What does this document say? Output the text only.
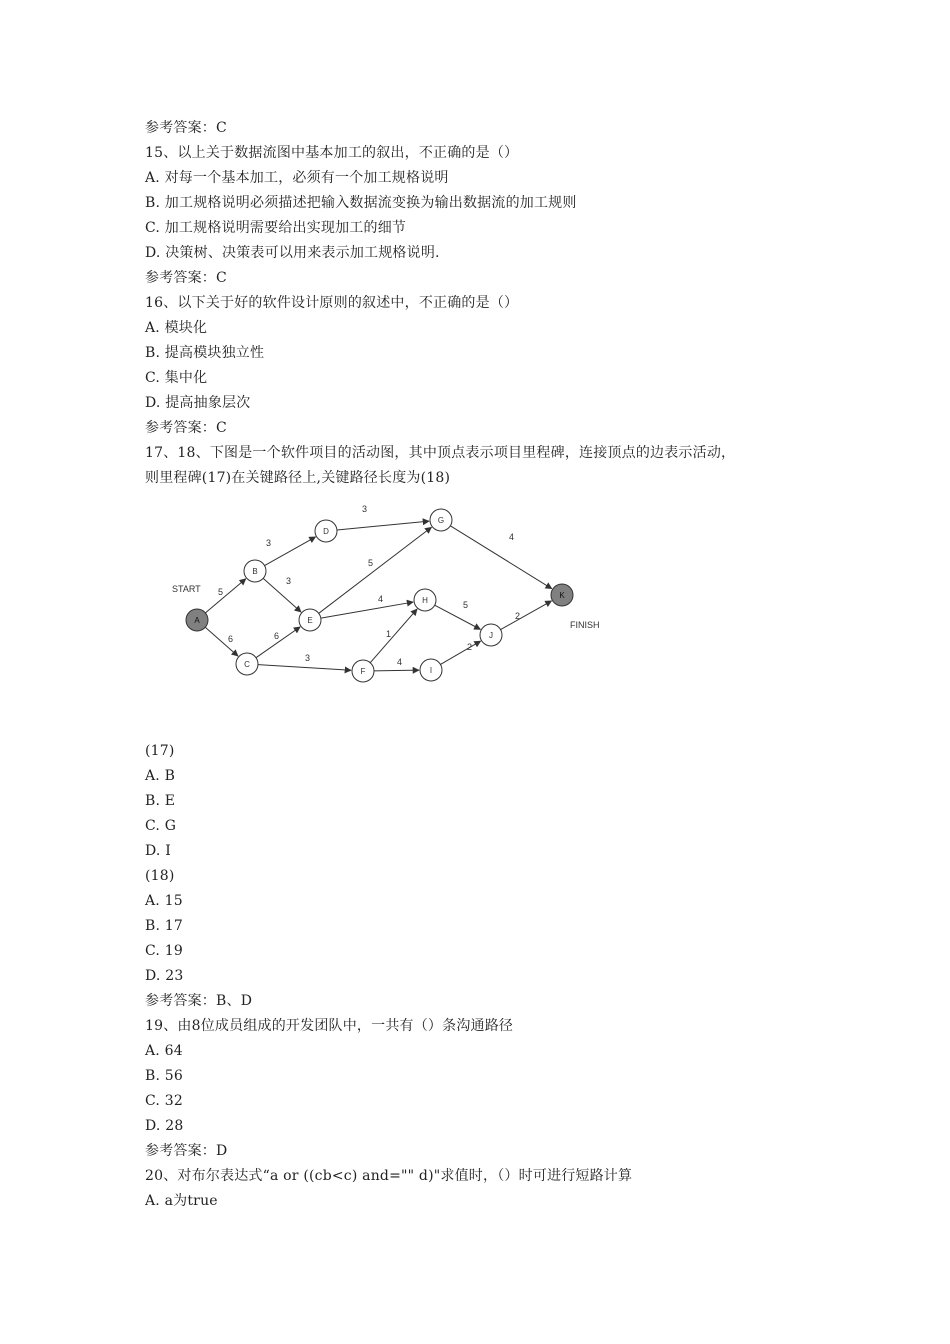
参考答案：C
15、以上关于数据流图中基本加工的叙出，不正确的是（）
A. 对每一个基本加工，必须有一个加工规格说明
B. 加工规格说明必须描述把输入数据流变换为输出数据流的加工规则
C. 加工规格说明需要给出实现加工的细节
D. 决策树、决策表可以用来表示加工规格说明.
参考答案：C
16、以下关于好的软件设计原则的叙述中，不正确的是（）
A. 模块化
B. 提高模块独立性
C. 集中化
D. 提高抽象层次
参考答案：C
17、18、下图是一个软件项目的活动图，其中顶点表示项目里程碑，连接顶点的边表示活动，
则里程碑(17)在关键路径上,关键路径长度为(18)
5
6
3
3
6
3
3
5
4
1
4
5
2
4
2
A
B
C
D
E
F
G
H
I
J
K
START
FINISH
(17)
A. B
B. E
C. G
D. I
(18)
A. 15
B. 17
C. 19
D. 23
参考答案：B、D
19、由8位成员组成的开发团队中，一共有（）条沟通路径
A. 64
B. 56
C. 32
D. 28
参考答案：D
20、对布尔表达式“a or ((cb<c) and="" d)"求值时，（）时可进行短路计算
A. a为true
